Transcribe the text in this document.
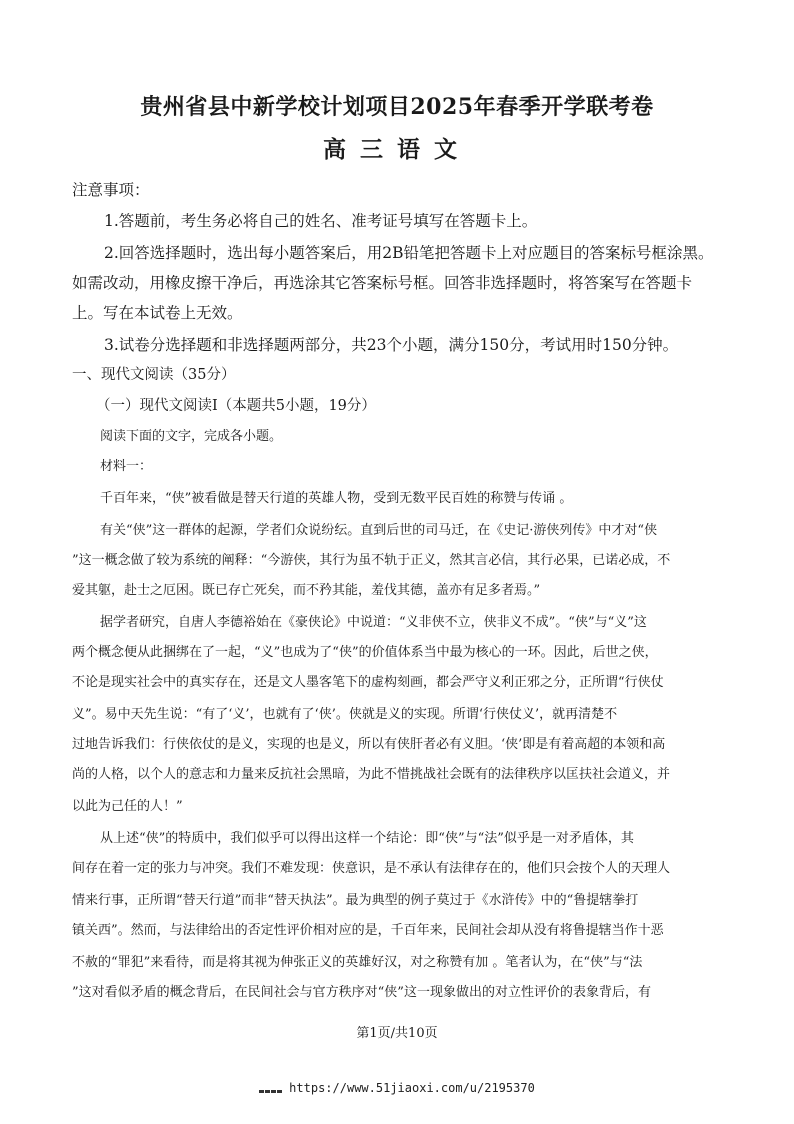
贵州省县中新学校计划项目2025年春季开学联考卷
高三语文
注意事项：
1.答题前，考生务必将自己的姓名、准考证号填写在答题卡上。
2.回答选择题时，选出每小题答案后，用2B铅笔把答题卡上对应题目的答案标号框涂黑。
如需改动，用橡皮擦干净后，再选涂其它答案标号框。回答非选择题时，将答案写在答题卡
上。写在本试卷上无效。
3.试卷分选择题和非选择题两部分，共23个小题，满分150分，考试用时150分钟。
一、现代文阅读（35分）
（一）现代文阅读Ⅰ（本题共5小题，19分）
阅读下面的文字，完成各小题。
材料一：
千百年来，“侠”被看做是替天行道的英雄人物，受到无数平民百姓的称赞与传诵 。
有关“侠”这一群体的起源，学者们众说纷纭。直到后世的司马迁，在《史记·游侠列传》中才对“侠
”这一概念做了较为系统的阐释：“今游侠，其行为虽不轨于正义，然其言必信，其行必果，已诺必成，不
爱其躯，赴士之厄困。既已存亡死矣，而不矜其能，羞伐其德，盖亦有足多者焉。”
据学者研究，自唐人李德裕始在《豪侠论》中说道：“义非侠不立，侠非义不成”。“侠”与“义”这
两个概念便从此捆绑在了一起，“义”也成为了“侠”的价值体系当中最为核心的一环。因此，后世之侠，
不论是现实社会中的真实存在，还是文人墨客笔下的虚构刻画，都会严守义利正邪之分，正所谓“行侠仗
义”。易中天先生说：“有了‘义’，也就有了‘侠’。侠就是义的实现。所谓‘行侠仗义’，就再清楚不
过地告诉我们：行侠依仗的是义，实现的也是义，所以有侠肝者必有义胆。‘侠’即是有着高超的本领和高
尚的人格，以个人的意志和力量来反抗社会黑暗，为此不惜挑战社会既有的法律秩序以匡扶社会道义，并
以此为己任的人！”
从上述“侠”的特质中，我们似乎可以得出这样一个结论：即“侠”与“法”似乎是一对矛盾体，其
间存在着一定的张力与冲突。我们不难发现：侠意识，是不承认有法律存在的，他们只会按个人的天理人
情来行事，正所谓“替天行道”而非“替天执法”。最为典型的例子莫过于《水浒传》中的“鲁提辖拳打
镇关西”。然而，与法律给出的否定性评价相对应的是，千百年来，民间社会却从没有将鲁提辖当作十恶
不赦的“罪犯”来看待，而是将其视为伸张正义的英雄好汉，对之称赞有加 。笔者认为，在“侠”与“法
”这对看似矛盾的概念背后，在民间社会与官方秩序对“侠”这一现象做出的对立性评价的表象背后，有
第1页/共10页
https://www.51jiaoxi.com/u/2195370
